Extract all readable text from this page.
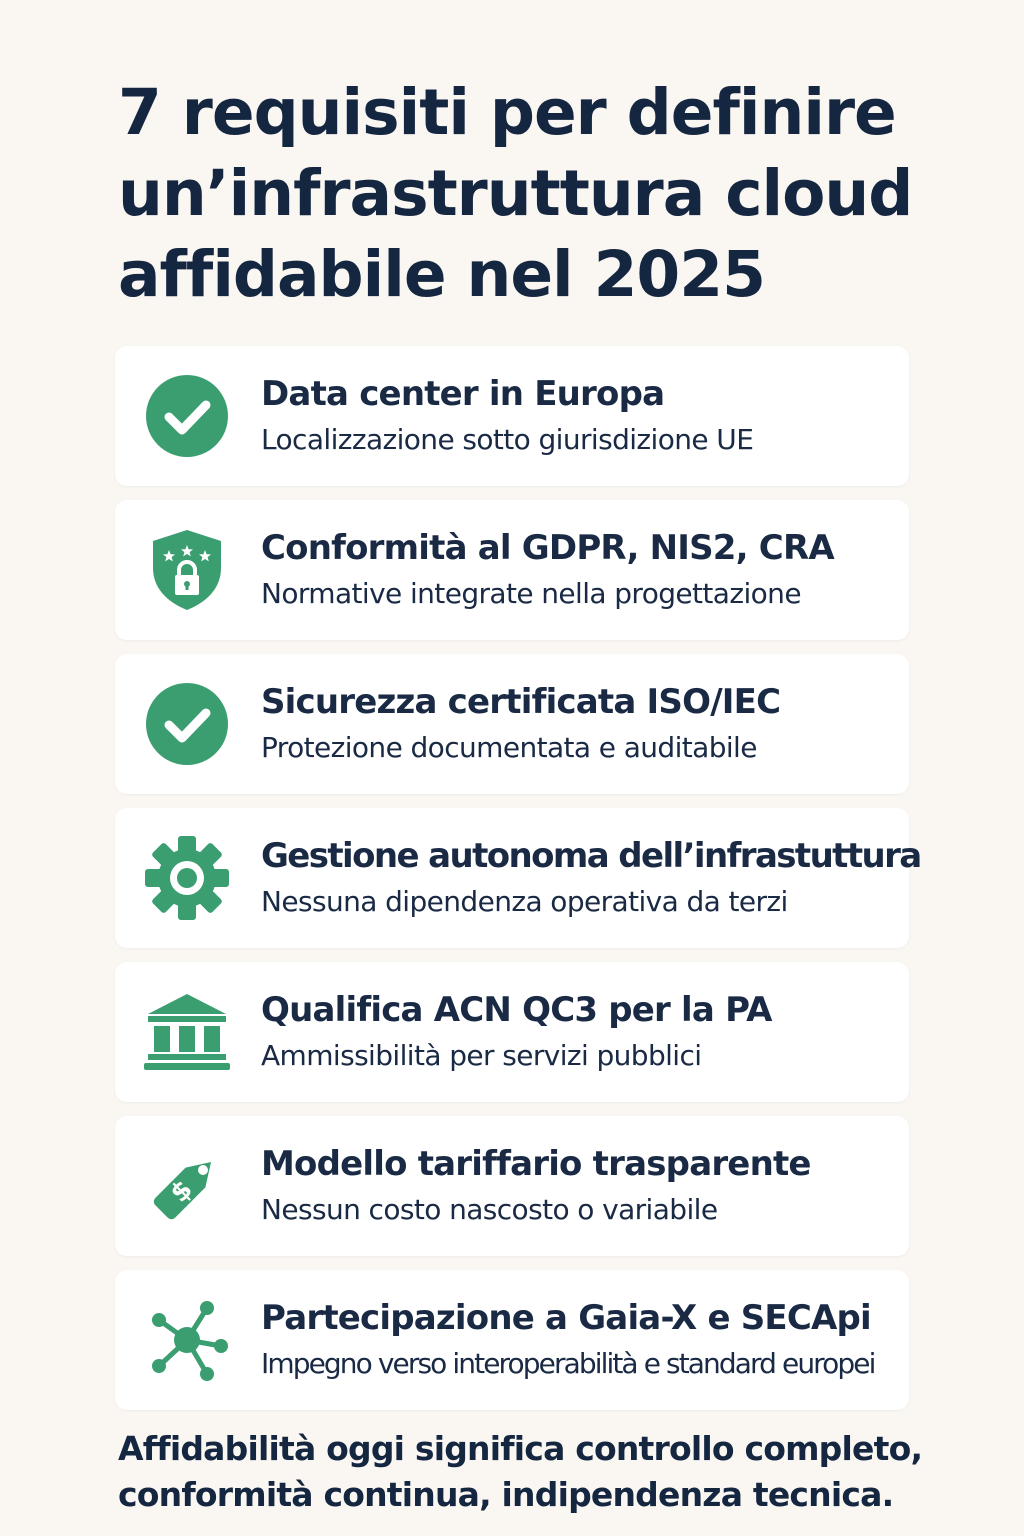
7 requisiti per definire un’infrastruttura cloud affidabile nel 2025
Data center in Europa
Localizzazione sotto giurisdizione UE
Conformità al GDPR, NIS2, CRA
Normative integrate nella progettazione
Sicurezza certificata ISO/IEC
Protezione documentata e auditabile
Gestione autonoma dell’infrastuttura
Nessuna dipendenza operativa da terzi
Qualifica ACN QC3 per la PA
Ammissibilità per servizi pubblici
$
Modello tariffario trasparente
Nessun costo nascosto o variabile
Partecipazione a Gaia-X e SECApi
Impegno verso interoperabilità e standard europei

Affidabilità oggi significa controllo completo, conformità continua, indipendenza tecnica.
